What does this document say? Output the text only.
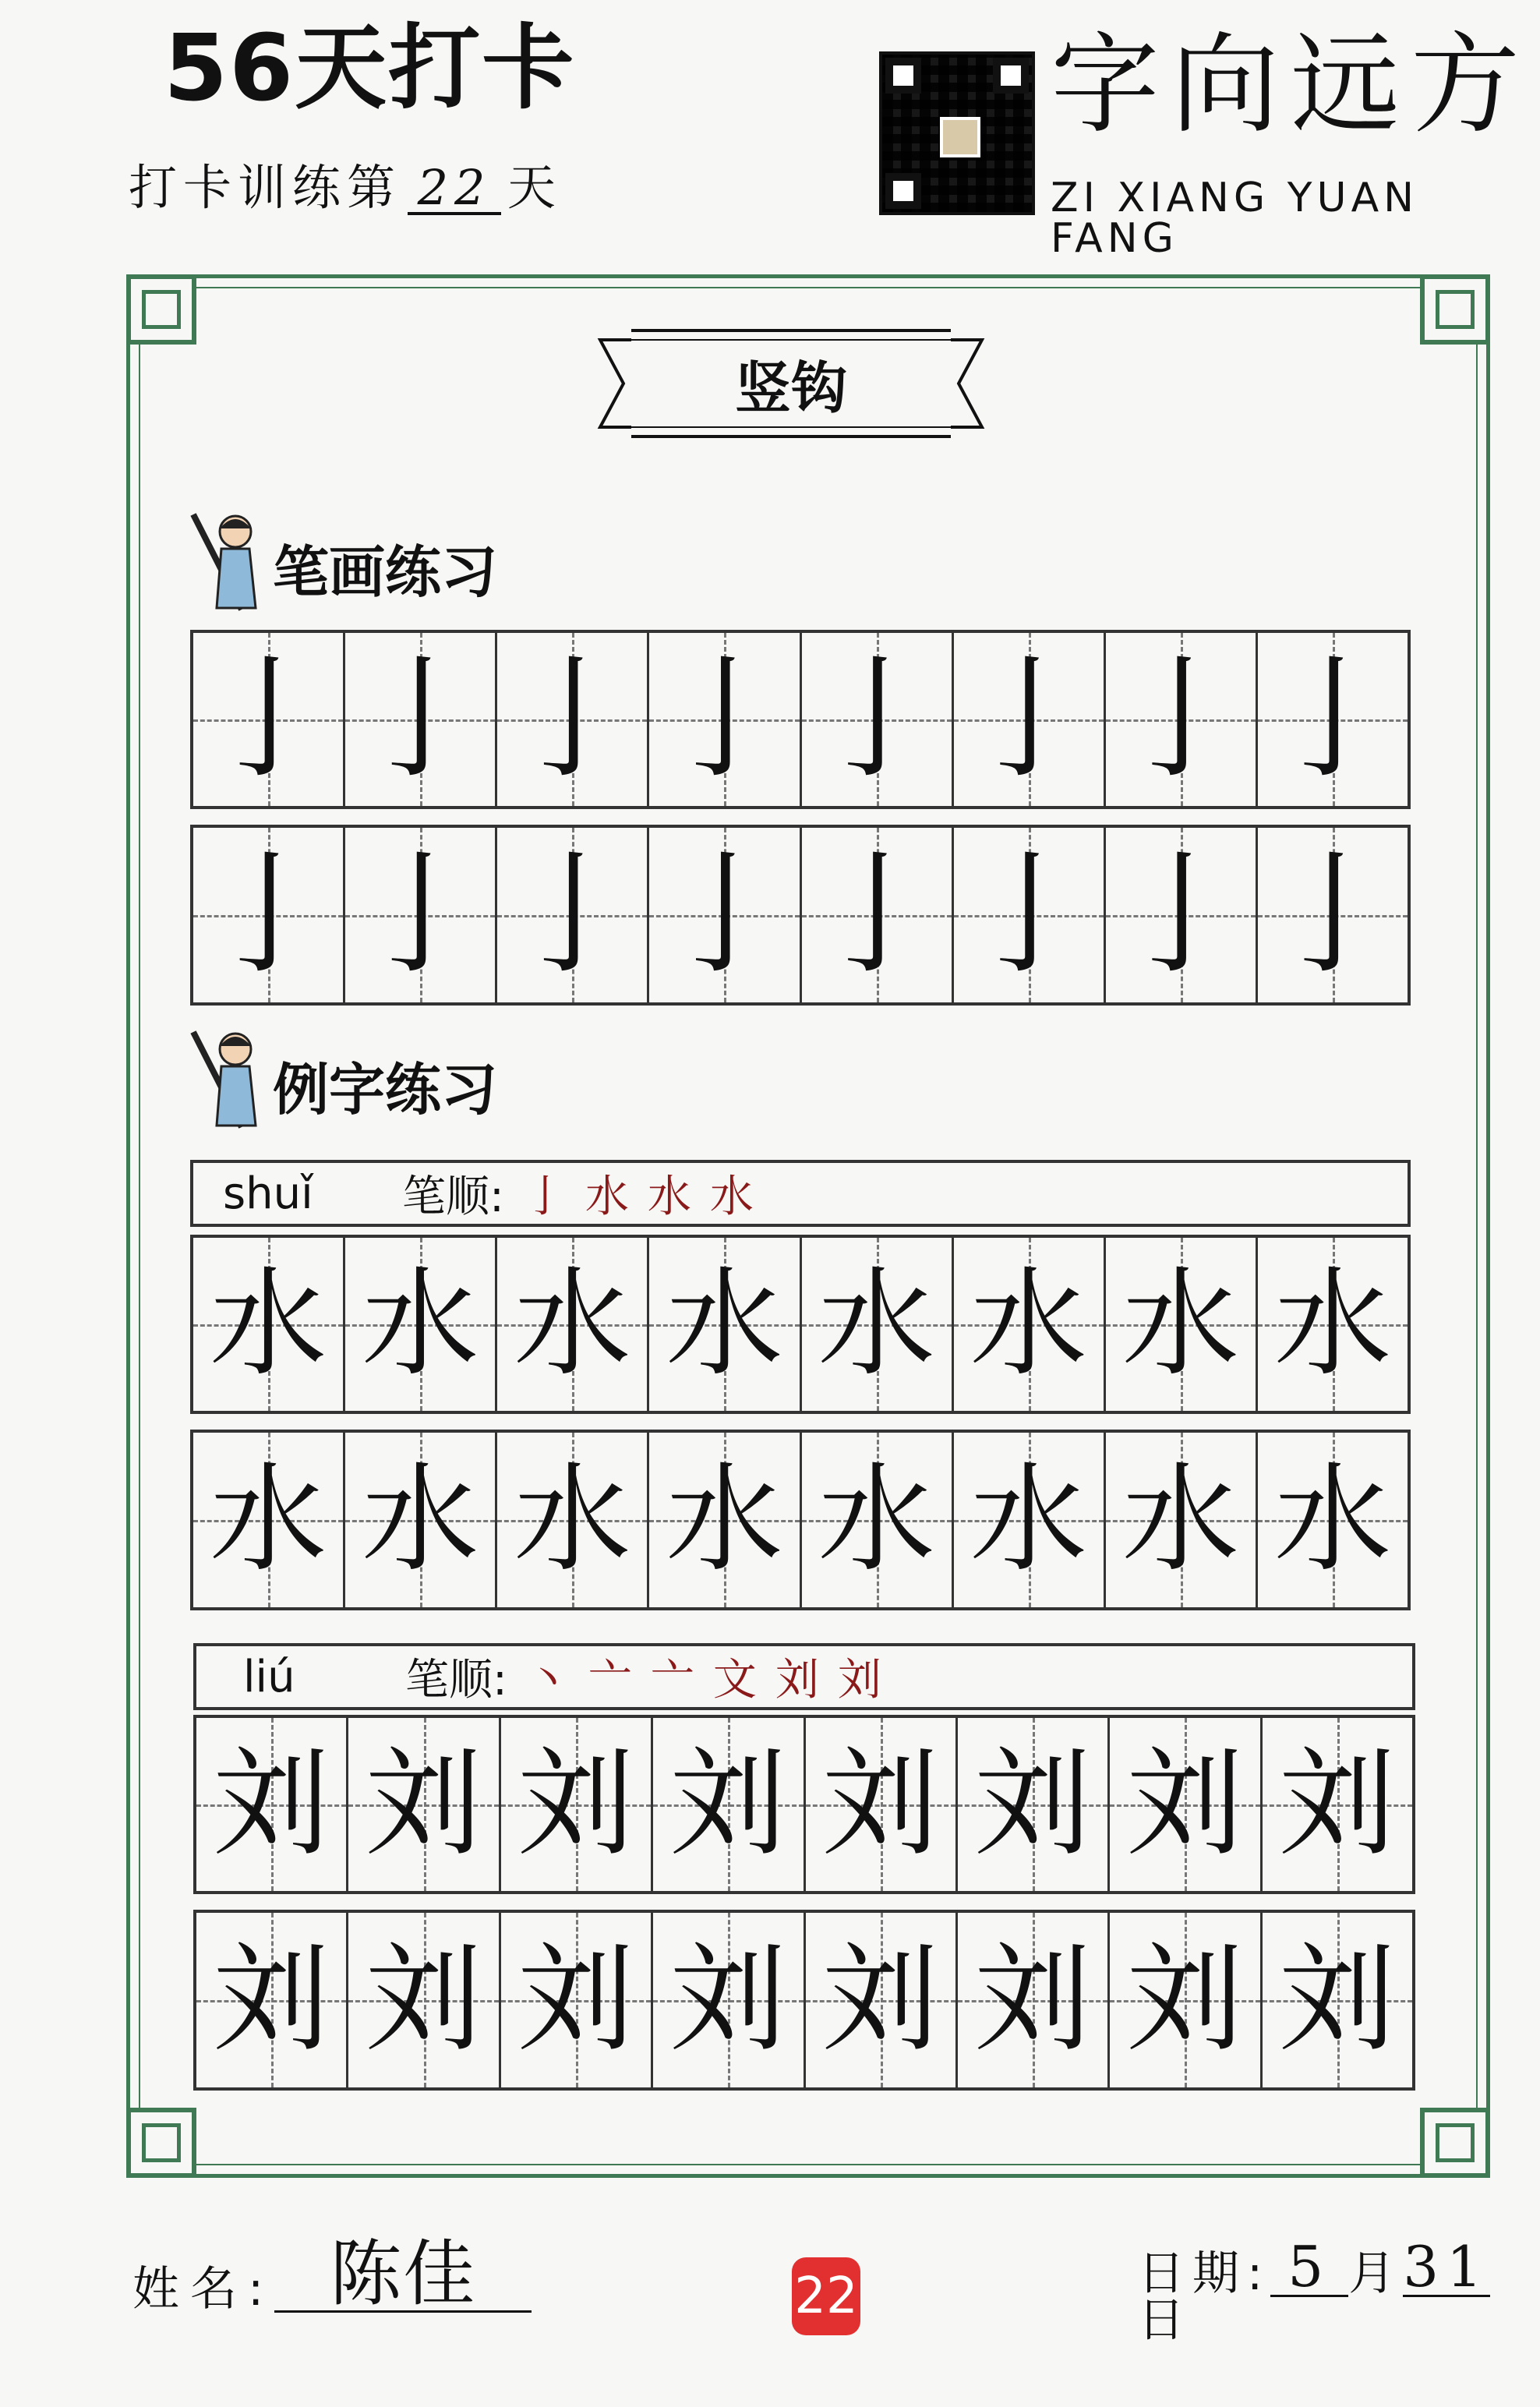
56天打卡
打卡训练第 22 天
字向远方
ZI XIANG YUAN FANG
竖钩
笔画练习
亅 亅 亅 亅 亅 亅 亅 亅
亅 亅 亅 亅 亅 亅 亅 亅
例字练习
shuǐ	笔顺: 亅 水 水 水
水 水 水 水 水 水 水 水
水 水 水 水 水 水 水 水
liú	笔顺: 丶 亠 亠 文 刘 刘
刘 刘 刘 刘 刘 刘 刘 刘
刘 刘 刘 刘 刘 刘 刘 刘
姓名: 陈佳	22	日期: 5 月31日
